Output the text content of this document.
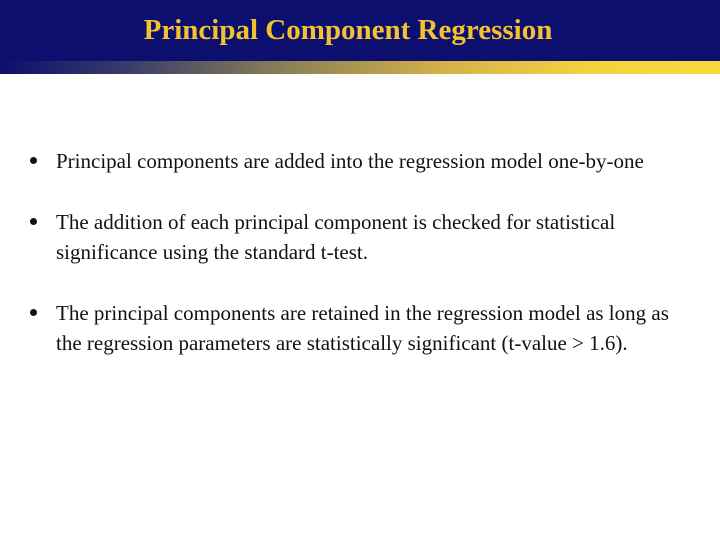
Principal Component Regression
Principal components are added into the regression model one-by-one
The addition of each principal component is checked for statistical significance using the standard t-test.
The principal components are retained in the regression model as long as the regression parameters are statistically significant (t-value > 1.6).
